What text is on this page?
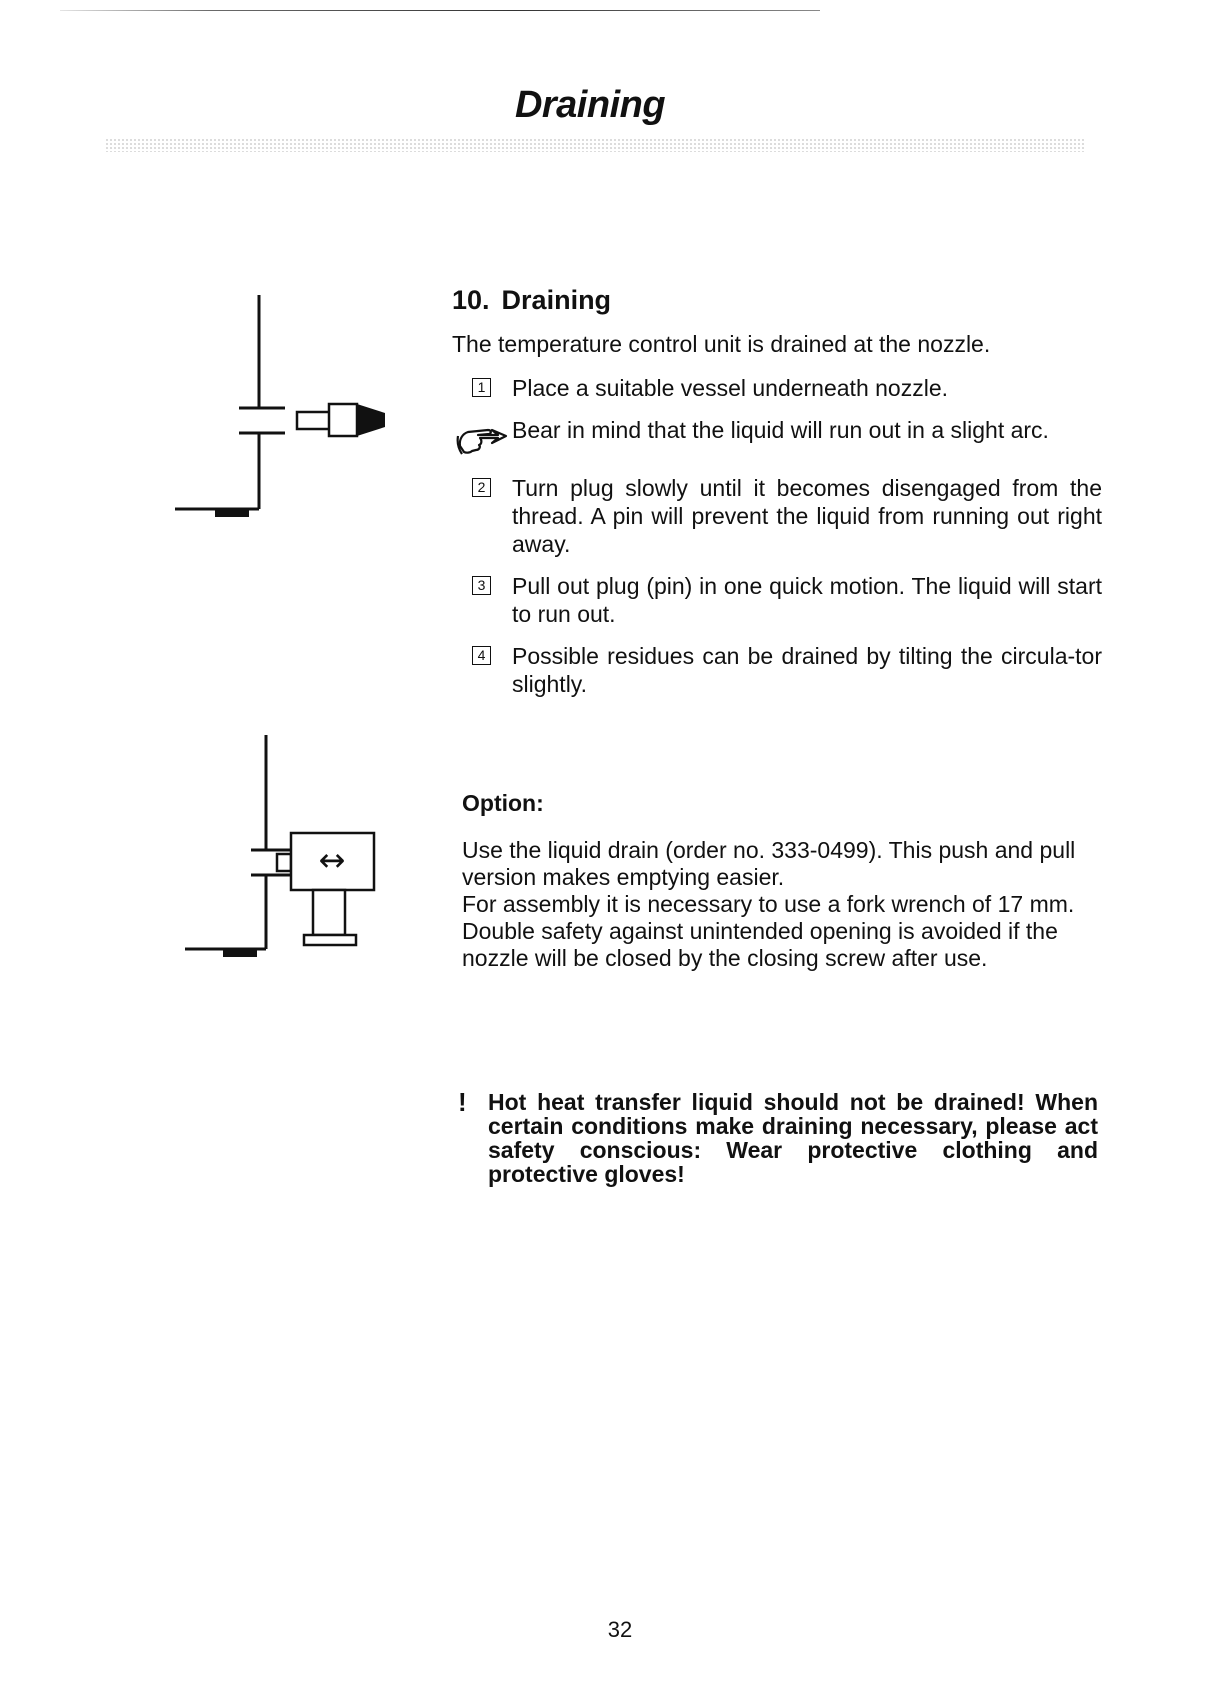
Draining
↔
10. Draining

The temperature control unit is drained at the nozzle.

1 Place a suitable vessel underneath nozzle.
Bear in mind that the liquid will run out in a slight arc.
2 Turn plug slowly until it becomes disengaged from the thread. A pin will prevent the liquid from running out right away.
3 Pull out plug (pin) in one quick motion. The liquid will start to run out.
4 Possible residues can be drained by tilting the circula-tor slightly.
Option:

Use the liquid drain (order no. 333-0499). This push and pull version makes emptying easier.

For assembly it is necessary to use a fork wrench of 17 mm.

Double safety against unintended opening is avoided if the nozzle will be closed by the closing screw after use.

! Hot heat transfer liquid should not be drained! When certain conditions make draining necessary, please act safety conscious: Wear protective clothing and protective gloves!
32
